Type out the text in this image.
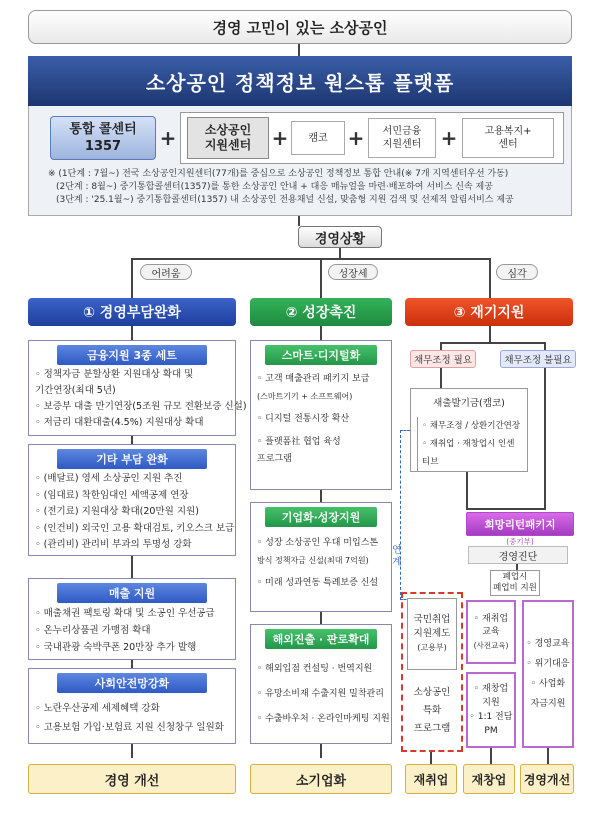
경영 고민이 있는 소상공인
소상공인 정책정보 원스톱 플랫폼
통합 콜센터
1357 + 소상공인
지원센터 + 캠코 + 서민금융
지원센터 +	고용복지+
센터
※ (1단계 : 7월~) 전국 소상공인지원센터(77개)를 중심으로 소상공인 정책정보 통합 안내(※ 7개 지역센터우선 가동)
(2단계 : 8월~) 중기통합콜센터(1357)를 통한 소상공인 안내 + 대응 매뉴얼을 마련·배포하여 서비스 신속 제공
(3단계 : '25.1월~) 중기통합콜센터(1357) 내 소상공인 전용채널 신설, 맞춤형 지원 검색 및 선제적 알림서비스 제공
경영상황
어려움	성장세	심각
① 경영부담완화
금융지원 3종 세트
◦ 정책자금 분할상환 지원대상 확대 및
기간연장(최대 5년)
◦ 보증부 대출 만기연장(5조원 규모 전환보증 신설)
◦ 저금리 대환대출(4.5%) 지원대상 확대
기타 부담 완화
◦ (배달료) 영세 소상공인 지원 추진
◦ (임대료) 착한임대인 세액공제 연장
◦ (전기료) 지원대상 확대(20만원 지원)
◦ (인건비) 외국인 고용 확대검토, 키오스크 보급
◦ (관리비) 관리비 부과의 투명성 강화
매출 지원
◦ 매출채권 팩토링 확대 및 소공인 우선공급
◦ 온누리상품권 가맹점 확대
◦ 국내관광 숙박쿠폰 20만장 추가 발행
사회안전망강화
◦ 노란우산공제 세제혜택 강화
◦ 고용보험 가입·보험료 지원 신청창구 일원화
경영 개선
② 성장촉진
스마트·디지털화
◦ 고객 매출관리 패키지 보급
(스마트기기 + 소프트웨어)
◦ 디지털 전통시장 확산
◦ 플랫폼社 협업 육성
프로그램
기업화·성장지원
◦ 성장 소상공인 우대 미입스톤
방식 정책자금 신설(최대 7억원)
◦ 미래 성과연동 특례보증 신설
해외진출 · 판로확대
◦ 해외입점 컨설팅 · 번역지원
◦ 유망소비재 수출지원 밀착관리
◦ 수출바우처 · 온라인마케팅 지원
소기업화
③ 재기지원
채무조정 필요	채무조정 불필요
새출발기금(캠코)
◦ 채무조정 / 상환기간연장
◦ 재취업 · 재창업시 인센티브
연계
희망리턴패키지
(중기부)
경영진단
폐업시
폐업비 지원
국민취업
지원제도
(고용부)
소상공인
특화
프로그램
◦ 재취업
교육
(사전교육)
◦ 재창업
지원
◦ 1:1 전담
PM
◦ 경영교육
◦ 위기대응
◦ 사업화
자금지원
재취업	재창업	경영개선
